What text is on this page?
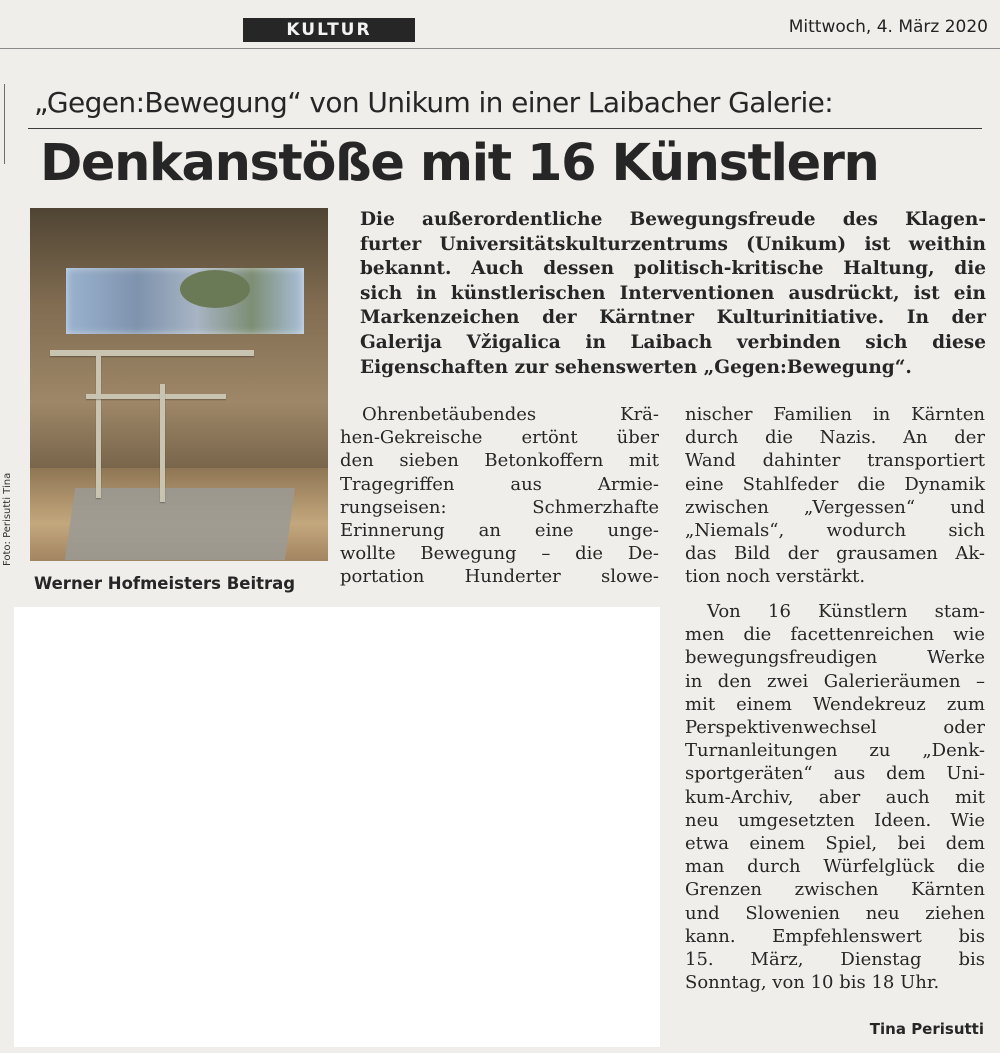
KULTUR	Mittwoch, 4. März 2020
„Gegen:Bewegung“ von Unikum in einer Laibacher Galerie:
Denkanstöße mit 16 Künstlern
Foto: Perisutti Tina
Werner Hofmeisters Beitrag
Die außerordentliche Bewegungsfreude des Klagen-
furter Universitätskulturzentrums (Unikum) ist weithin
bekannt. Auch dessen politisch-kritische Haltung, die
sich in künstlerischen Interventionen ausdrückt, ist ein
Markenzeichen der Kärntner Kulturinitiative. In der
Galerija Vžigalica in Laibach verbinden sich diese
Eigenschaften zur sehenswerten „Gegen:Bewegung“.
Ohrenbetäubendes Krä-
hen-Gekreische ertönt über
den sieben Betonkoffern mit
Tragegriffen aus Armie-
rungseisen: Schmerzhafte
Erinnerung an eine unge-
wollte Bewegung – die De-
portation Hunderter slowe-
nischer Familien in Kärnten
durch die Nazis. An der
Wand dahinter transportiert
eine Stahlfeder die Dynamik
zwischen „Vergessen“ und
„Niemals“, wodurch sich
das Bild der grausamen Ak-
tion noch verstärkt.
Von 16 Künstlern stam-
men die facettenreichen wie
bewegungsfreudigen Werke
in den zwei Galerieräumen –
mit einem Wendekreuz zum
Perspektivenwechsel oder
Turnanleitungen zu „Denk-
sportgeräten“ aus dem Uni-
kum-Archiv, aber auch mit
neu umgesetzten Ideen. Wie
etwa einem Spiel, bei dem
man durch Würfelglück die
Grenzen zwischen Kärnten
und Slowenien neu ziehen
kann. Empfehlenswert bis
15. März, Dienstag bis
Sonntag, von 10 bis 18 Uhr.
Tina Perisutti
